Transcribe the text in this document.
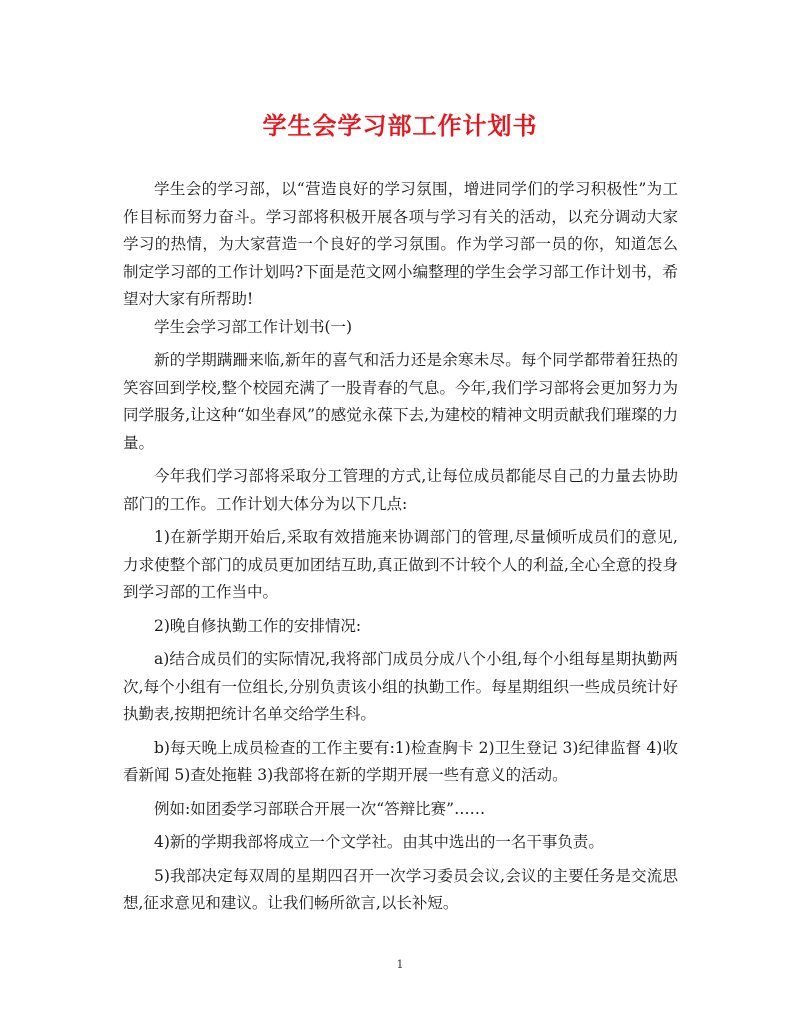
学生会学习部工作计划书

学生会的学习部，以“营造良好的学习氛围，增进同学们的学习积极性”为工作目标而努力奋斗。学习部将积极开展各项与学习有关的活动，以充分调动大家学习的热情，为大家营造一个良好的学习氛围。作为学习部一员的你，知道怎么制定学习部的工作计划吗?下面是范文网小编整理的学生会学习部工作计划书，希望对大家有所帮助!

学生会学习部工作计划书(一)

新的学期蹒跚来临,新年的喜气和活力还是余寒未尽。每个同学都带着狂热的笑容回到学校,整个校园充满了一股青春的气息。今年,我们学习部将会更加努力为同学服务,让这种“如坐春风”的感觉永葆下去,为建校的精神文明贡献我们璀璨的力量。

今年我们学习部将采取分工管理的方式,让每位成员都能尽自己的力量去协助部门的工作。工作计划大体分为以下几点:

1)在新学期开始后,采取有效措施来协调部门的管理,尽量倾听成员们的意见,力求使整个部门的成员更加团结互助,真正做到不计较个人的利益,全心全意的投身到学习部的工作当中。

2)晚自修执勤工作的安排情况:

a)结合成员们的实际情况,我将部门成员分成八个小组,每个小组每星期执勤两次,每个小组有一位组长,分别负责该小组的执勤工作。每星期组织一些成员统计好执勤表,按期把统计名单交给学生科。

b)每天晚上成员检查的工作主要有:1)检查胸卡 2)卫生登记 3)纪律监督 4)收看新闻 5)查处拖鞋 3)我部将在新的学期开展一些有意义的活动。

例如:如团委学习部联合开展一次“答辩比赛”……

4)新的学期我部将成立一个文学社。由其中选出的一名干事负责。

5)我部决定每双周的星期四召开一次学习委员会议,会议的主要任务是交流思想,征求意见和建议。让我们畅所欲言,以长补短。

1
